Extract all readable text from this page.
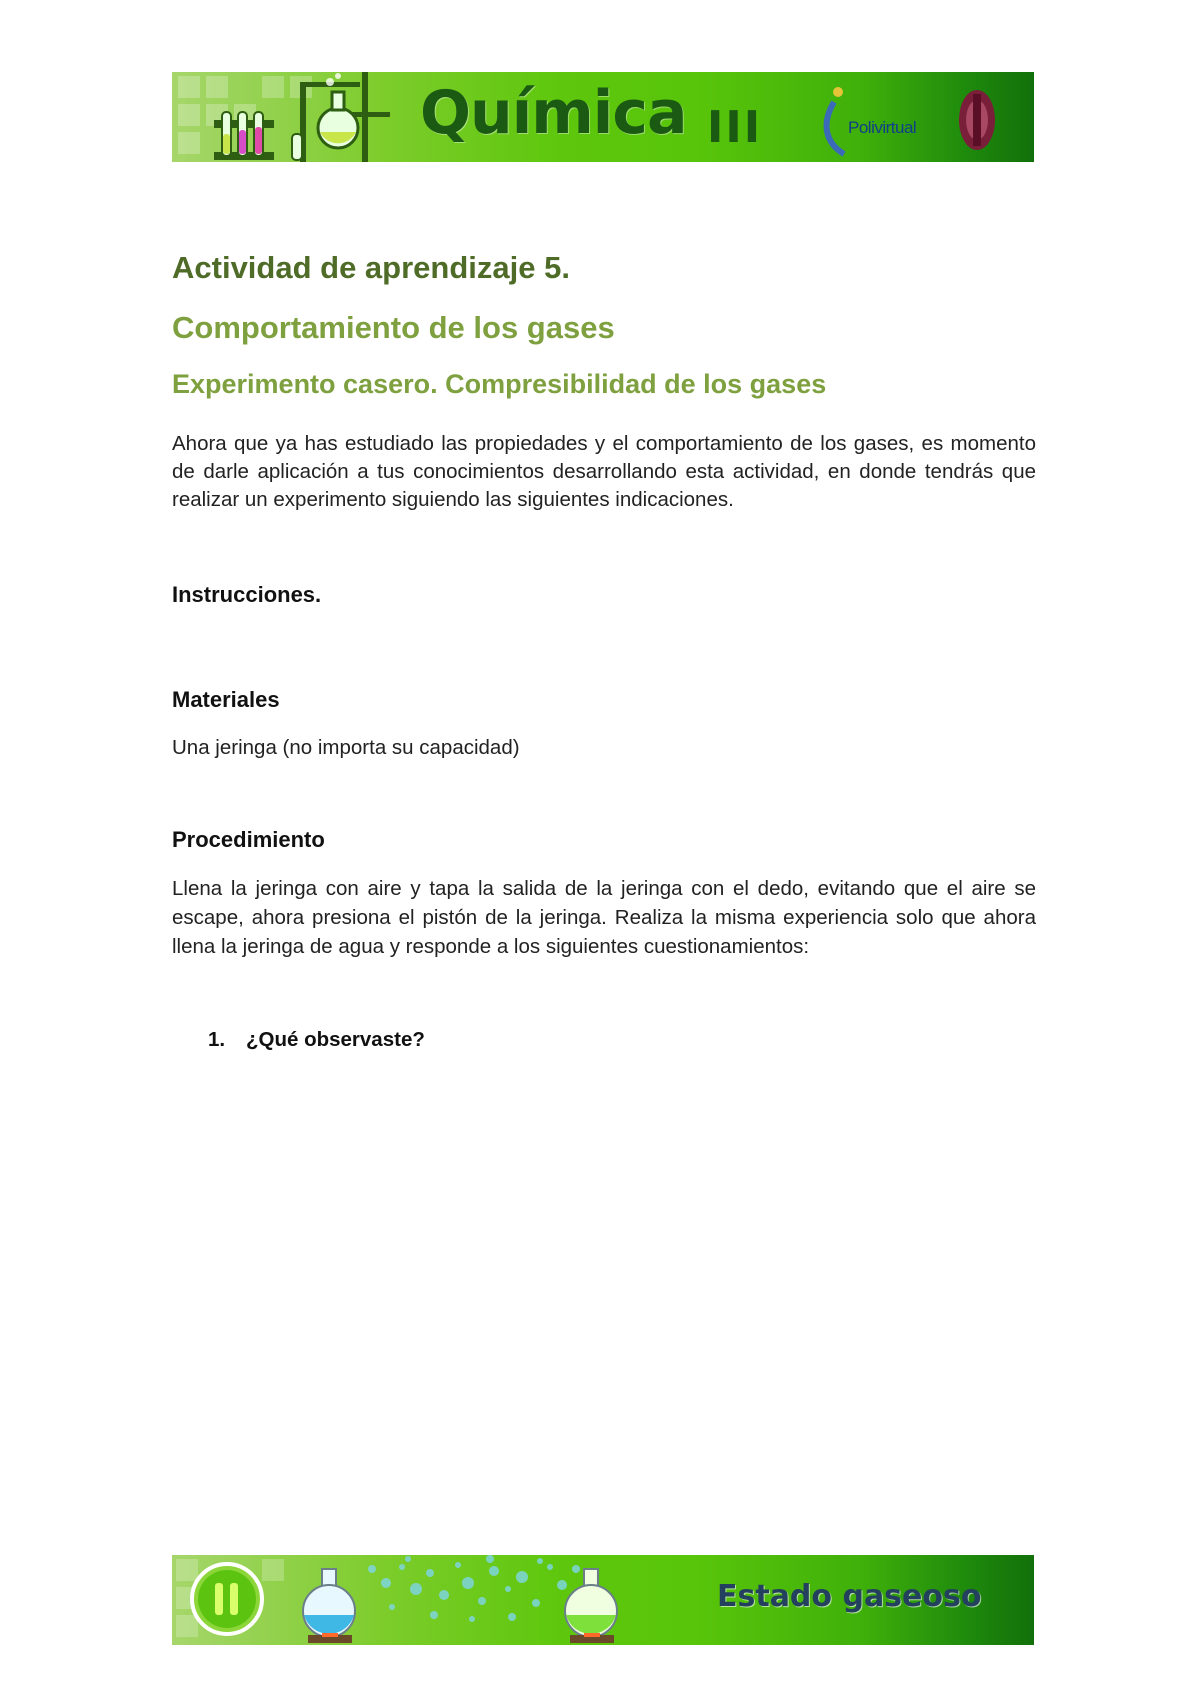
Química III	Polivirtual
Actividad de aprendizaje 5.
Comportamiento de los gases
Experimento casero. Compresibilidad de los gases

Ahora que ya has estudiado las propiedades y el comportamiento de los gases, es momento de darle aplicación a tus conocimientos desarrollando esta actividad, en donde tendrás que realizar un experimento siguiendo las siguientes indicaciones.

Instrucciones.

Materiales

Una jeringa (no importa su capacidad)

Procedimiento

Llena la jeringa con aire y tapa la salida de la jeringa con el dedo, evitando que el aire se escape, ahora presiona el pistón de la jeringa. Realiza la misma experiencia solo que ahora llena la jeringa de agua y responde a los siguientes cuestionamientos:

1. ¿Qué observaste?
Estado gaseoso
